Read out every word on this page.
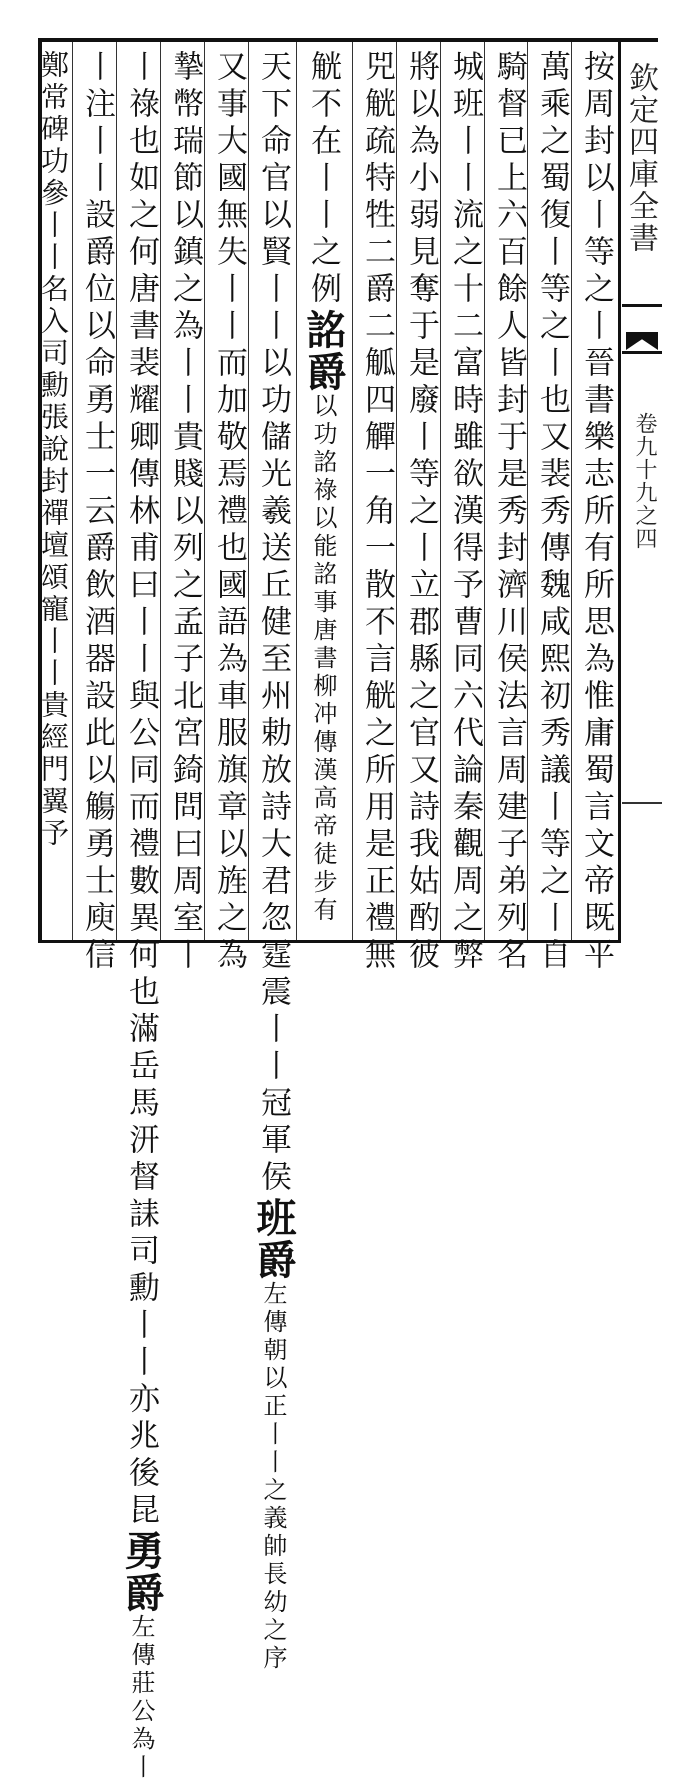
欽定四庫全書
卷九十九之四
按周封以丨等之丨晉書樂志所有所思為惟庸蜀言文帝既平
萬乘之蜀復丨等之丨也又裴秀傳魏咸熙初秀議丨等之丨自
騎督已上六百餘人皆封于是秀封濟川侯法言周建子弟列名
城班丨丨流之十二富時雖欲漢得予曹同六代論秦觀周之弊
將以為小弱見奪于是廢丨等之丨立郡縣之官又詩我姑酌彼
兕觥疏特牲二爵二觚四觶一角一散不言觥之所用是正禮無
觥不在丨丨之例詺爵以功詺祿以能詺事唐書柳冲傳漢高帝徒步有
天下命官以賢丨丨以功儲光羲送丘健至州勅放詩大君忽霆震丨丨冠軍侯班爵左傳朝以正丨丨之義帥長幼之序
又事大國無失丨丨而加敬焉禮也國語為車服旗章以旌之為
摯幣瑞節以鎮之為丨丨貴賤以列之孟子北宮錡問曰周室丨
丨祿也如之何唐書裴耀卿傳林甫曰丨丨與公同而禮數異何也滿岳馬汧督誄司勳丨丨亦兆後昆勇爵左傳莊公為丨
丨注丨丨設爵位以命勇士一云爵飲酒器設此以觴勇士庾信
鄭常碑功參丨丨名入司勳張說封禪壇頌寵丨丨貴經門翼予
